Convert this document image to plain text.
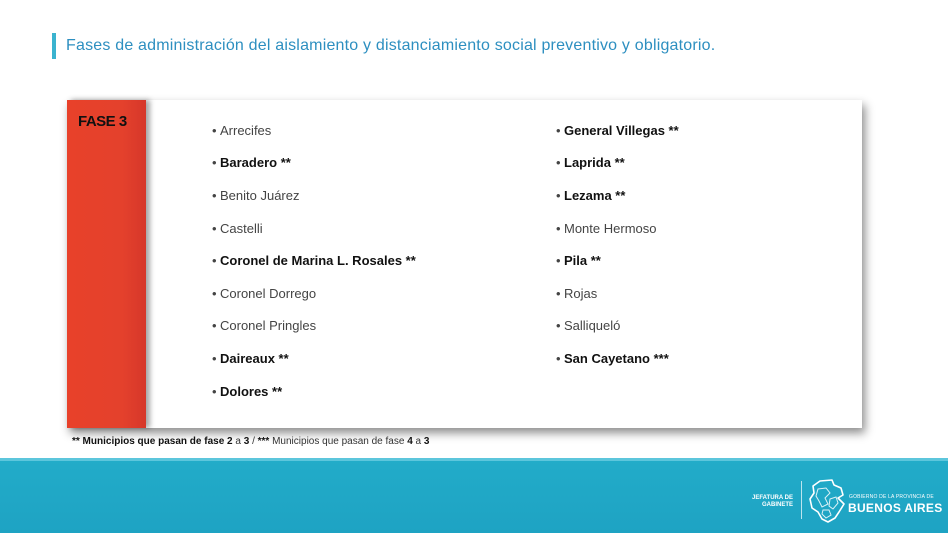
Fases de administración del aislamiento y distanciamiento social preventivo y obligatorio.
FASE 3
• Arrecifes
• Baradero **
• Benito Juárez
• Castelli
• Coronel de Marina L. Rosales **
• Coronel Dorrego
• Coronel Pringles
• Daireaux **
• Dolores **
• General Villegas **
• Laprida **
• Lezama **
• Monte Hermoso
• Pila **
• Rojas
• Salliqueló
• San Cayetano ***
** Municipios que pasan de fase 2 a 3 / *** Municipios que pasan de fase 4 a 3
JEFATURA DE
GABINETE
GOBIERNO DE LA PROVINCIA DE
BUENOS AIRES
